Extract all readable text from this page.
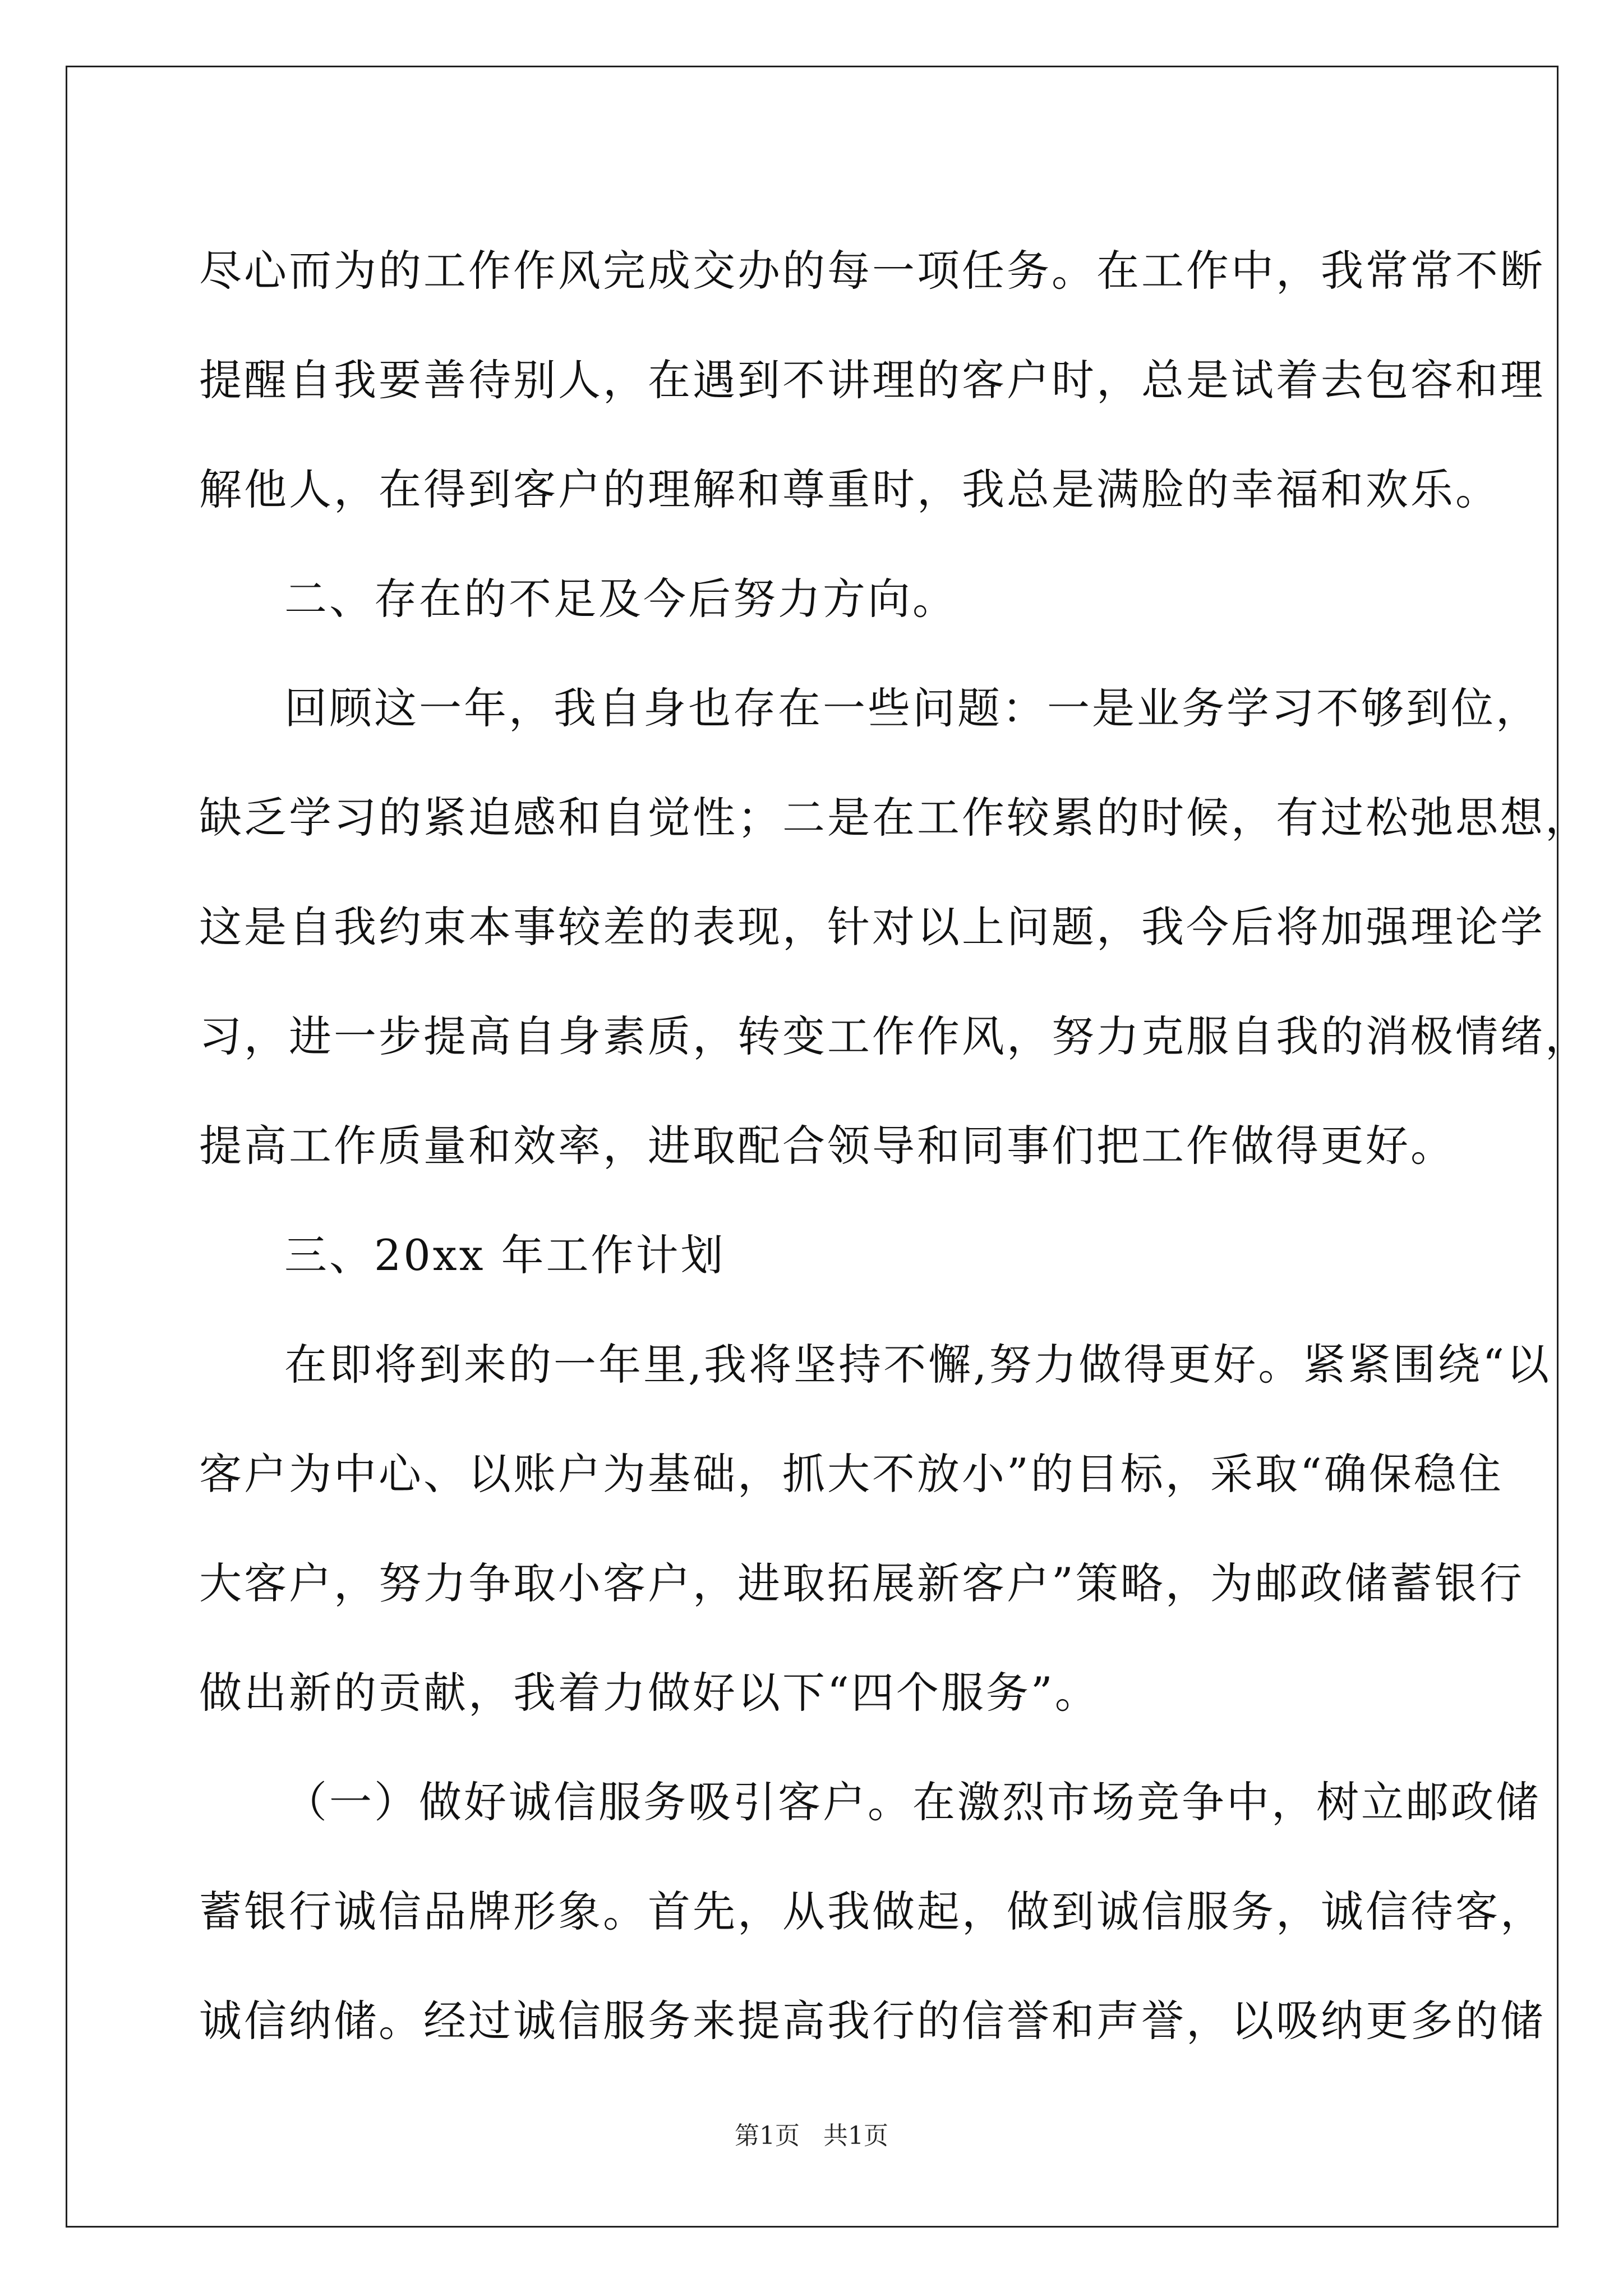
尽心而为的工作作风完成交办的每一项任务。在工作中，我常常不断
提醒自我要善待别人，在遇到不讲理的客户时，总是试着去包容和理
解他人，在得到客户的理解和尊重时，我总是满脸的幸福和欢乐。
二、存在的不足及今后努力方向。
回顾这一年，我自身也存在一些问题：一是业务学习不够到位，
缺乏学习的紧迫感和自觉性；二是在工作较累的时候，有过松弛思想，
这是自我约束本事较差的表现，针对以上问题，我今后将加强理论学
习，进一步提高自身素质，转变工作作风，努力克服自我的消极情绪，
提高工作质量和效率，进取配合领导和同事们把工作做得更好。
三、20xx 年工作计划
在即将到来的一年里,我将坚持不懈,努力做得更好。紧紧围绕“以
客户为中心、以账户为基础，抓大不放小”的目标，采取“确保稳住
大客户，努力争取小客户，进取拓展新客户”策略，为邮政储蓄银行
做出新的贡献，我着力做好以下“四个服务”。
（一）做好诚信服务吸引客户。在激烈市场竞争中，树立邮政储
蓄银行诚信品牌形象。首先，从我做起，做到诚信服务，诚信待客，
诚信纳储。经过诚信服务来提高我行的信誉和声誉，以吸纳更多的储
第1页 共1页
